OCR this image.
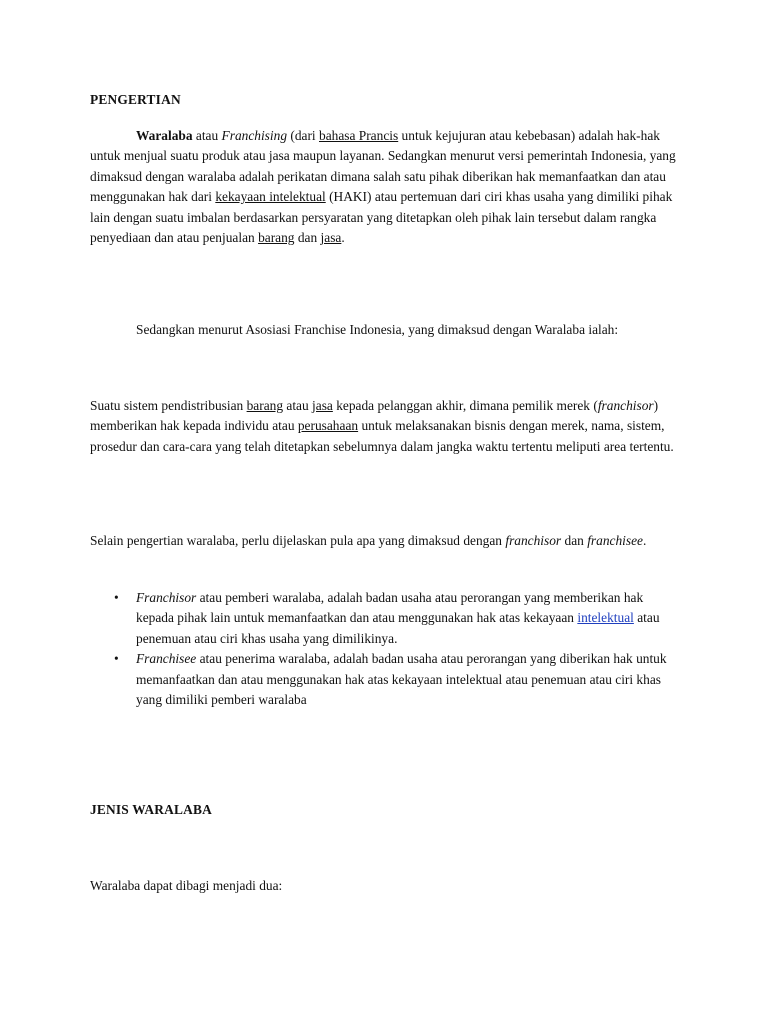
PENGERTIAN

Waralaba atau Franchising (dari bahasa Prancis untuk kejujuran atau kebebasan) adalah hak-hak untuk menjual suatu produk atau jasa maupun layanan. Sedangkan menurut versi pemerintah Indonesia, yang dimaksud dengan waralaba adalah perikatan dimana salah satu pihak diberikan hak memanfaatkan dan atau menggunakan hak dari kekayaan intelektual (HAKI) atau pertemuan dari ciri khas usaha yang dimiliki pihak lain dengan suatu imbalan berdasarkan persyaratan yang ditetapkan oleh pihak lain tersebut dalam rangka penyediaan dan atau penjualan barang dan jasa.

Sedangkan menurut Asosiasi Franchise Indonesia, yang dimaksud dengan Waralaba ialah:

Suatu sistem pendistribusian barang atau jasa kepada pelanggan akhir, dimana pemilik merek (franchisor) memberikan hak kepada individu atau perusahaan untuk melaksanakan bisnis dengan merek, nama, sistem, prosedur dan cara-cara yang telah ditetapkan sebelumnya dalam jangka waktu tertentu meliputi area tertentu.

Selain pengertian waralaba, perlu dijelaskan pula apa yang dimaksud dengan franchisor dan franchisee.

• Franchisor atau pemberi waralaba, adalah badan usaha atau perorangan yang memberikan hak kepada pihak lain untuk memanfaatkan dan atau menggunakan hak atas kekayaan intelektual atau penemuan atau ciri khas usaha yang dimilikinya.
• Franchisee atau penerima waralaba, adalah badan usaha atau perorangan yang diberikan hak untuk memanfaatkan dan atau menggunakan hak atas kekayaan intelektual atau penemuan atau ciri khas yang dimiliki pemberi waralaba

JENIS WARALABA

Waralaba dapat dibagi menjadi dua:
